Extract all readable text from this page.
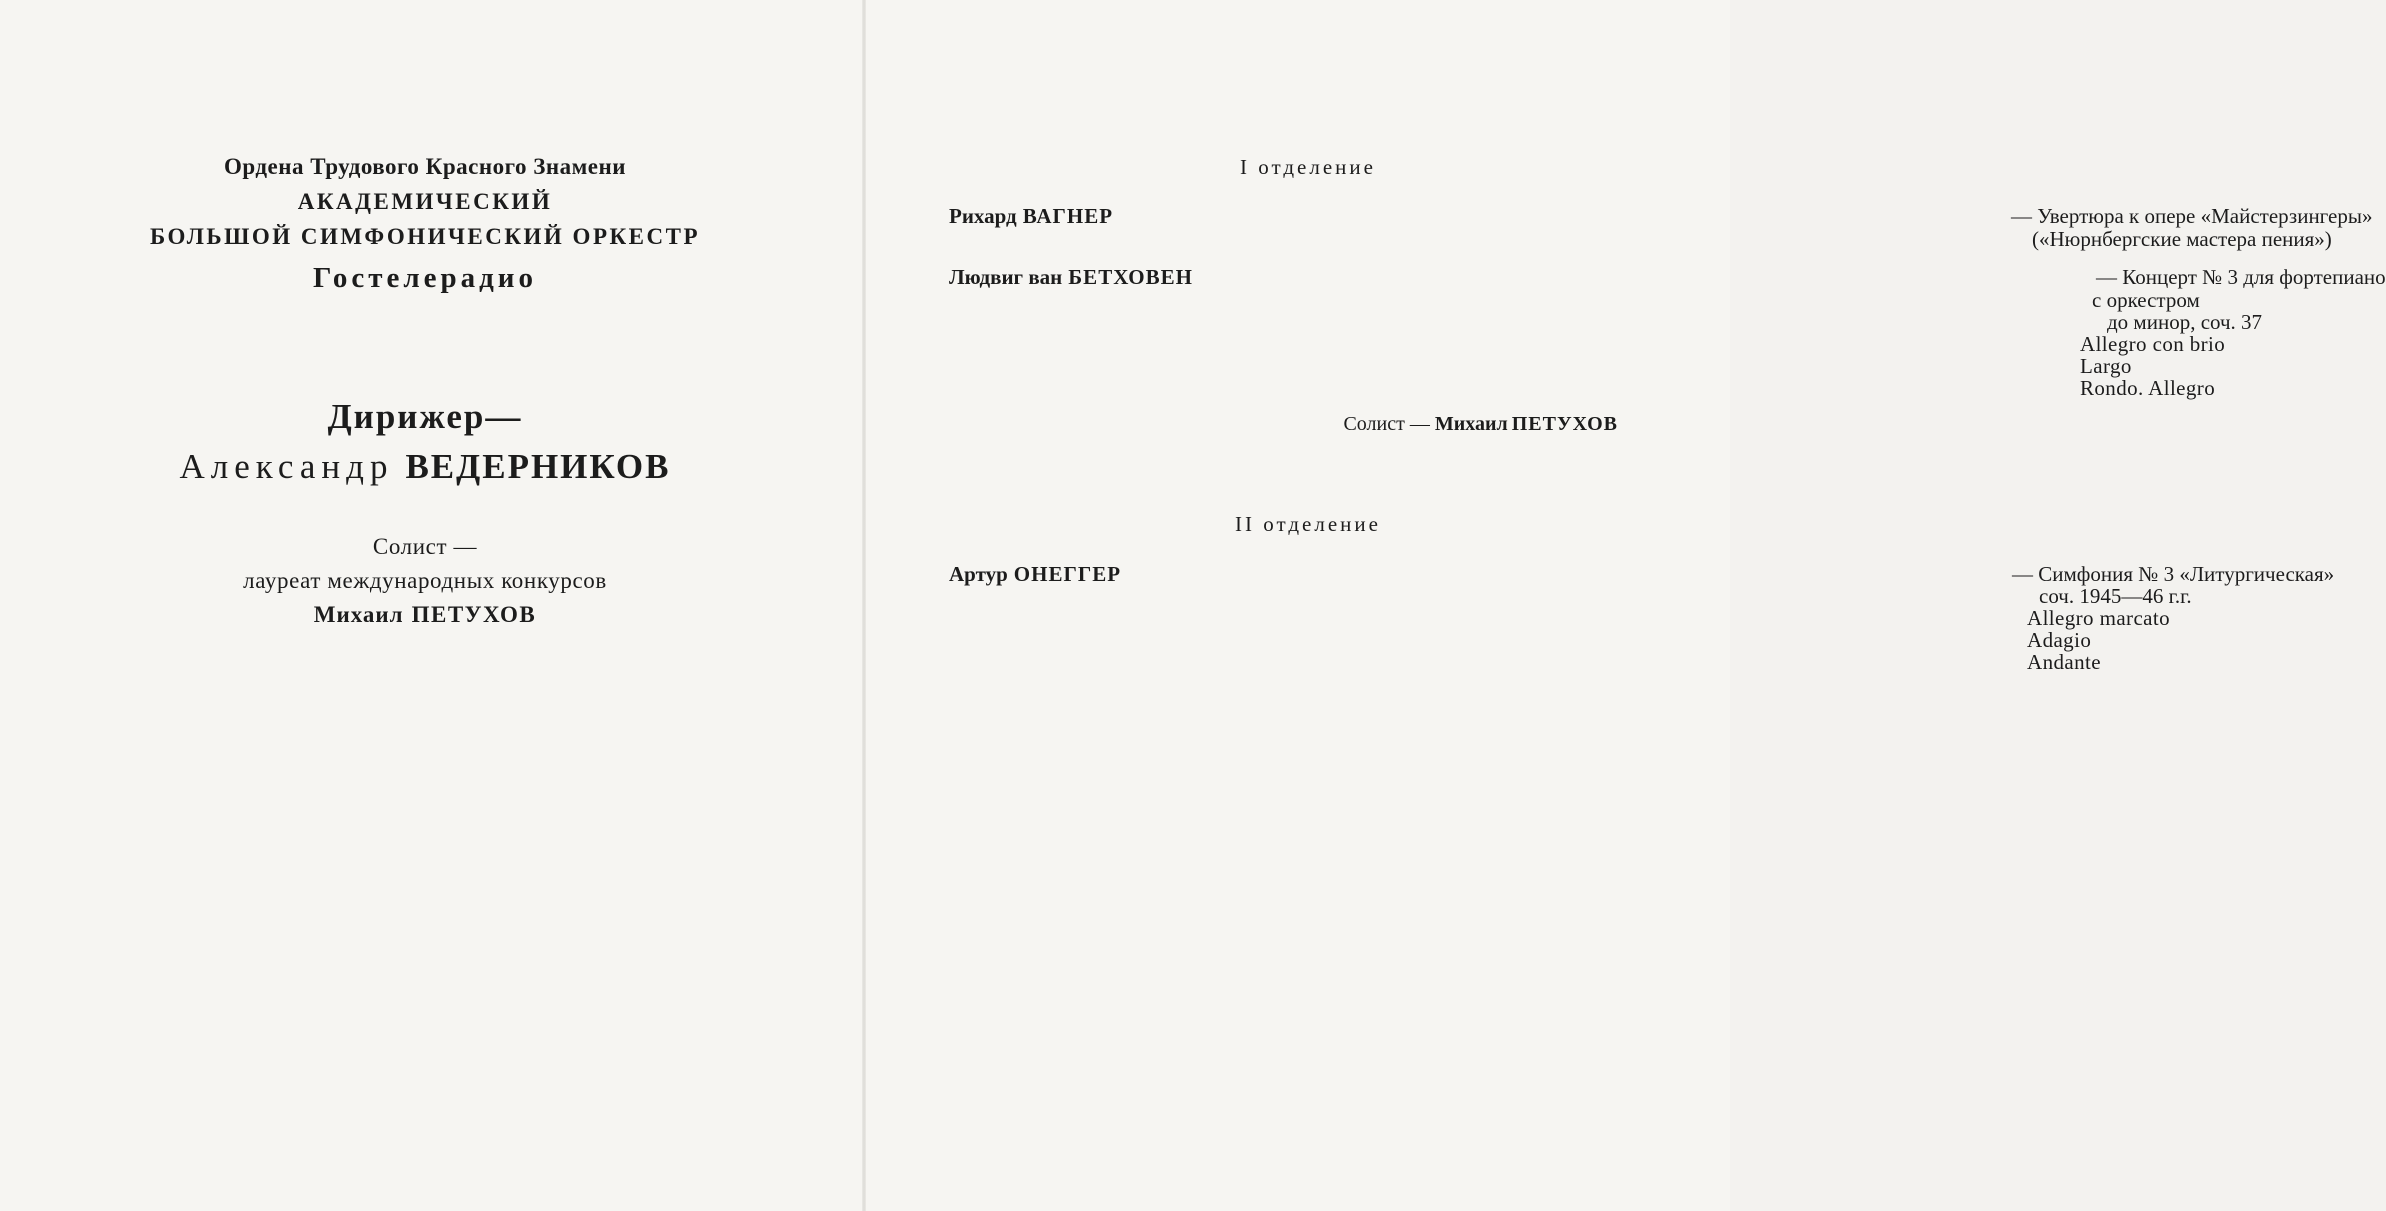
Ордена Трудового Красного Знамени
АКАДЕМИЧЕСКИЙ
БОЛЬШОЙ СИМФОНИЧЕСКИЙ ОРКЕСТР
Гостелерадио
Дирижер—
Александр ВЕДЕРНИКОВ
Солист —
лауреат международных конкурсов
Михаил ПЕТУХОВ
I отделение
Рихард ВАГНЕР	— Увертюра к опере «Майстерзингеры»
(«Нюрнбергские мастера пения»)
Людвиг ван БЕТХОВЕН	— Концерт № 3 для фортепиано
с оркестром
до минор, соч. 37
Allegro con brio
Largo
Rondo. Allegro
Солист — Михаил ПЕТУХОВ
II отделение
Артур ОНЕГГЕР	— Симфония № 3 «Литургическая»
соч. 1945—46 г.г.
Allegro marcato
Adagio
Andante
